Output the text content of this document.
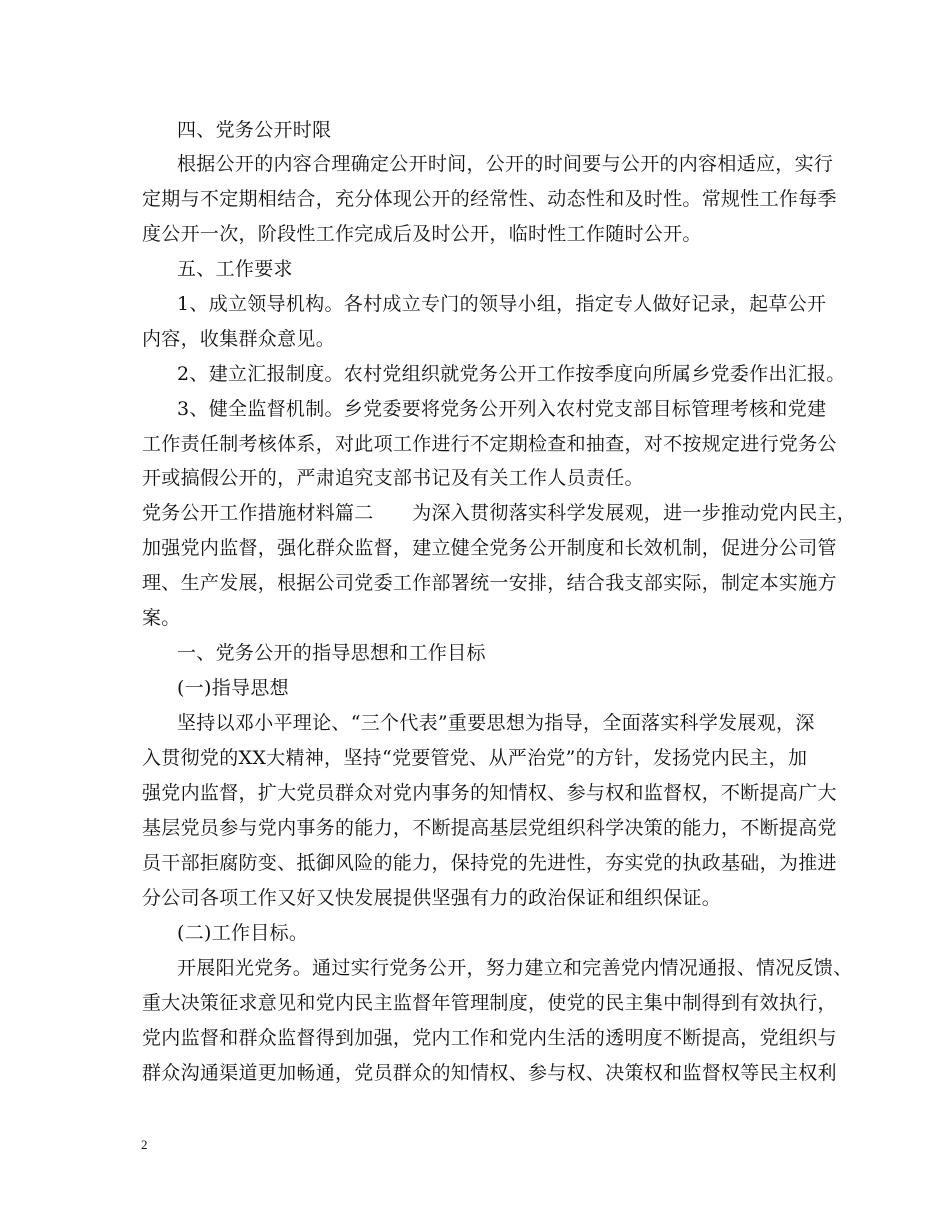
四、党务公开时限
根据公开的内容合理确定公开时间，公开的时间要与公开的内容相适应，实行
定期与不定期相结合，充分体现公开的经常性、动态性和及时性。常规性工作每季
度公开一次，阶段性工作完成后及时公开，临时性工作随时公开。
五、工作要求
1、成立领导机构。各村成立专门的领导小组，指定专人做好记录，起草公开
内容，收集群众意见。
2、建立汇报制度。农村党组织就党务公开工作按季度向所属乡党委作出汇报。
3、健全监督机制。乡党委要将党务公开列入农村党支部目标管理考核和党建
工作责任制考核体系，对此项工作进行不定期检查和抽查，对不按规定进行党务公
开或搞假公开的，严肃追究支部书记及有关工作人员责任。
党务公开工作措施材料篇二　　为深入贯彻落实科学发展观，进一步推动党内民主，
加强党内监督，强化群众监督，建立健全党务公开制度和长效机制，促进分公司管
理、生产发展，根据公司党委工作部署统一安排，结合我支部实际，制定本实施方
案。
一、党务公开的指导思想和工作目标
(一)指导思想
坚持以邓小平理论、“三个代表”重要思想为指导，全面落实科学发展观，深
入贯彻党的XX大精神，坚持“党要管党、从严治党”的方针，发扬党内民主，加
强党内监督，扩大党员群众对党内事务的知情权、参与权和监督权，不断提高广大
基层党员参与党内事务的能力，不断提高基层党组织科学决策的能力，不断提高党
员干部拒腐防变、抵御风险的能力，保持党的先进性，夯实党的执政基础，为推进
分公司各项工作又好又快发展提供坚强有力的政治保证和组织保证。
(二)工作目标。
开展阳光党务。通过实行党务公开，努力建立和完善党内情况通报、情况反馈、
重大决策征求意见和党内民主监督年管理制度，使党的民主集中制得到有效执行，
党内监督和群众监督得到加强，党内工作和党内生活的透明度不断提高，党组织与
群众沟通渠道更加畅通，党员群众的知情权、参与权、决策权和监督权等民主权利
2
